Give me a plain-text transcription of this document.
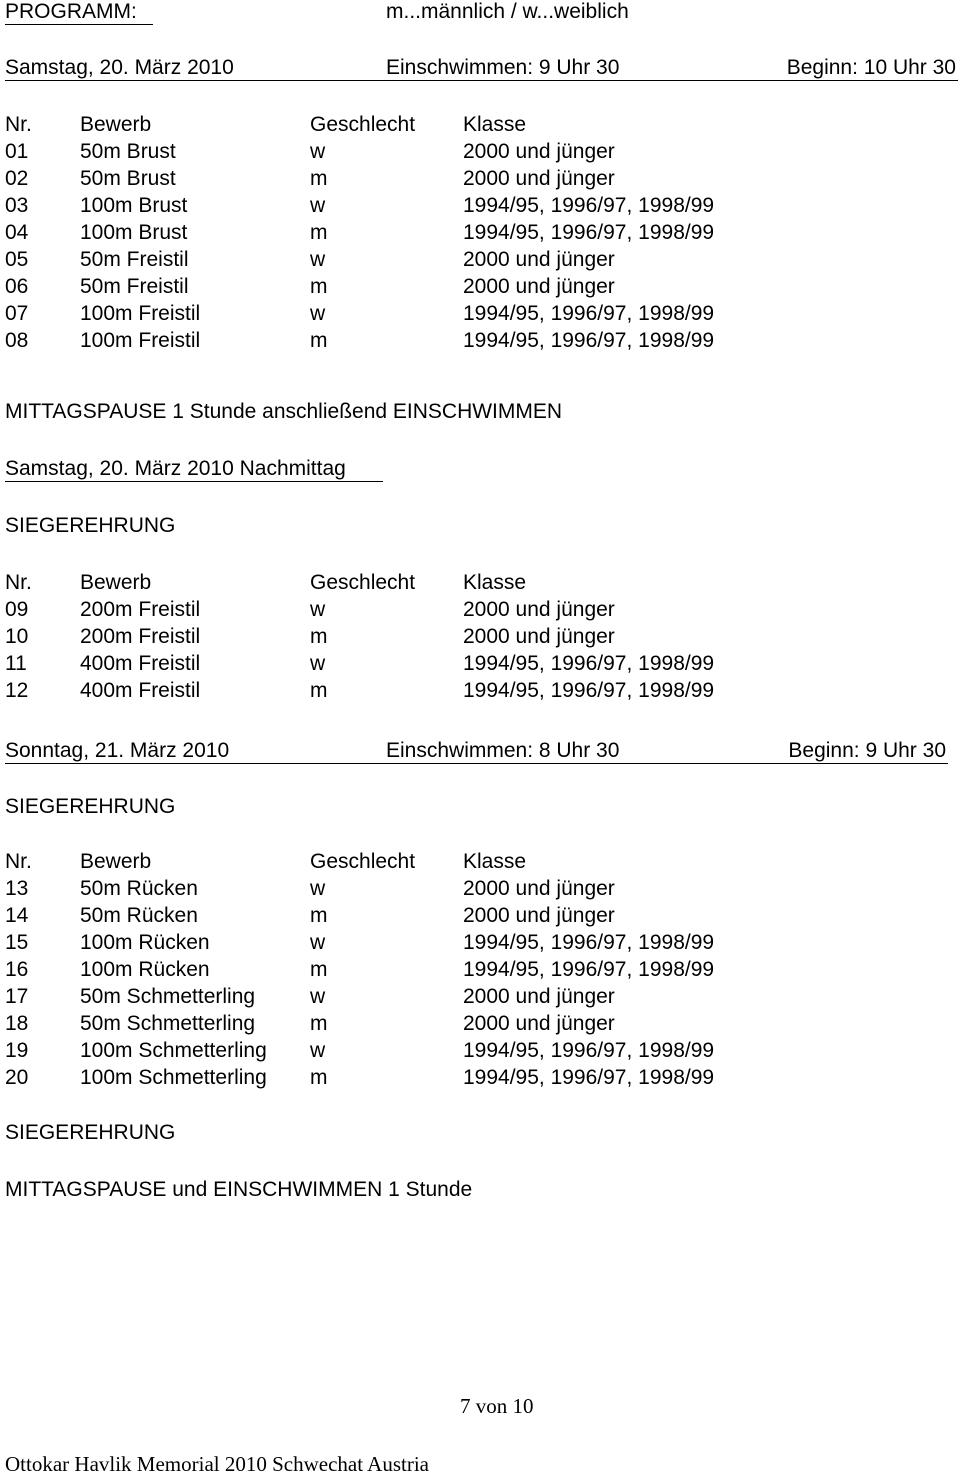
PROGRAMM:	m...männlich / w...weiblich
Samstag, 20. März 2010	Einschwimmen: 9 Uhr 30	Beginn: 10 Uhr 30
Nr. Bewerb	Geschlecht Klasse
01 50m Brust	w	2000 und jünger
02 50m Brust	m	2000 und jünger
03 100m Brust	w	1994/95, 1996/97, 1998/99
04 100m Brust	m	1994/95, 1996/97, 1998/99
05 50m Freistil	w	2000 und jünger
06 50m Freistil	m	2000 und jünger
07 100m Freistil	w	1994/95, 1996/97, 1998/99
08 100m Freistil	m	1994/95, 1996/97, 1998/99
MITTAGSPAUSE 1 Stunde anschließend EINSCHWIMMEN
Samstag, 20. März 2010 Nachmittag
SIEGEREHRUNG
Nr. Bewerb	Geschlecht Klasse
09 200m Freistil	w	2000 und jünger
10 200m Freistil	m	2000 und jünger
11	400m Freistil	w	1994/95, 1996/97, 1998/99
12 400m Freistil	m	1994/95, 1996/97, 1998/99
Sonntag, 21. März 2010	Einschwimmen: 8 Uhr 30	Beginn: 9 Uhr 30
SIEGEREHRUNG
Nr. Bewerb	Geschlecht Klasse
13 50m Rücken	w	2000 und jünger
14 50m Rücken	m	2000 und jünger
15 100m Rücken	w	1994/95, 1996/97, 1998/99
16 100m Rücken	m	1994/95, 1996/97, 1998/99
17 50m Schmetterling	w	2000 und jünger
18 50m Schmetterling	m	2000 und jünger
19 100m Schmetterling w	1994/95, 1996/97, 1998/99
20 100m Schmetterling m	1994/95, 1996/97, 1998/99
SIEGEREHRUNG
MITTAGSPAUSE und EINSCHWIMMEN 1 Stunde
7 von 10
Ottokar Havlik Memorial 2010 Schwechat Austria
